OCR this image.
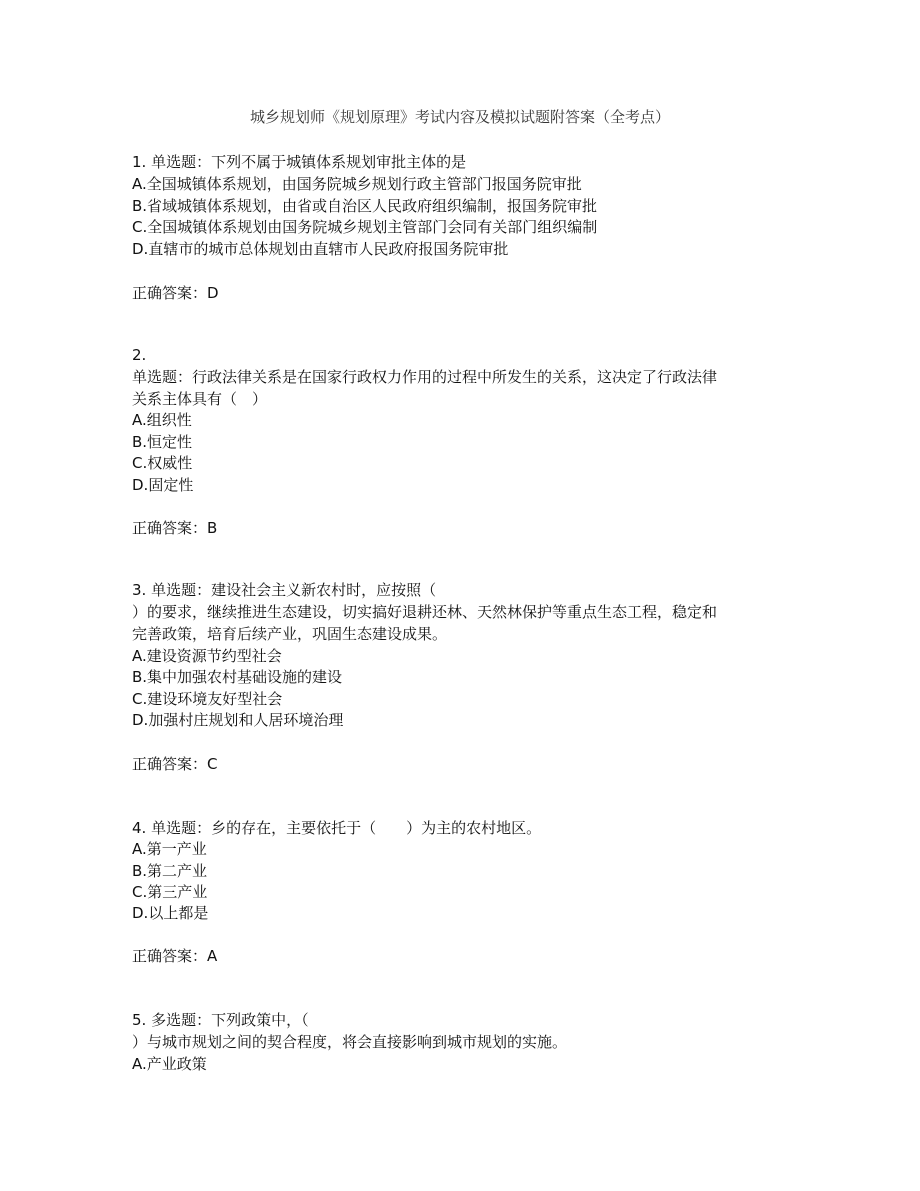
城乡规划师《规划原理》考试内容及模拟试题附答案（全考点）
1. 单选题：下列不属于城镇体系规划审批主体的是
A.全国城镇体系规划，由国务院城乡规划行政主管部门报国务院审批
B.省域城镇体系规划，由省或自治区人民政府组织编制，报国务院审批
C.全国城镇体系规划由国务院城乡规划主管部门会同有关部门组织编制
D.直辖市的城市总体规划由直辖市人民政府报国务院审批
正确答案：D
2.
单选题：行政法律关系是在国家行政权力作用的过程中所发生的关系，这决定了行政法律
关系主体具有（　）
A.组织性
B.恒定性
C.权威性
D.固定性
正确答案：B
3. 单选题：建设社会主义新农村时，应按照（
）的要求，继续推进生态建设，切实搞好退耕还林、天然林保护等重点生态工程，稳定和
完善政策，培育后续产业，巩固生态建设成果。
A.建设资源节约型社会
B.集中加强农村基础设施的建设
C.建设环境友好型社会
D.加强村庄规划和人居环境治理
正确答案：C
4. 单选题：乡的存在，主要依托于（　　）为主的农村地区。
A.第一产业
B.第二产业
C.第三产业
D.以上都是
正确答案：A
5. 多选题：下列政策中，（
）与城市规划之间的契合程度，将会直接影响到城市规划的实施。
A.产业政策
